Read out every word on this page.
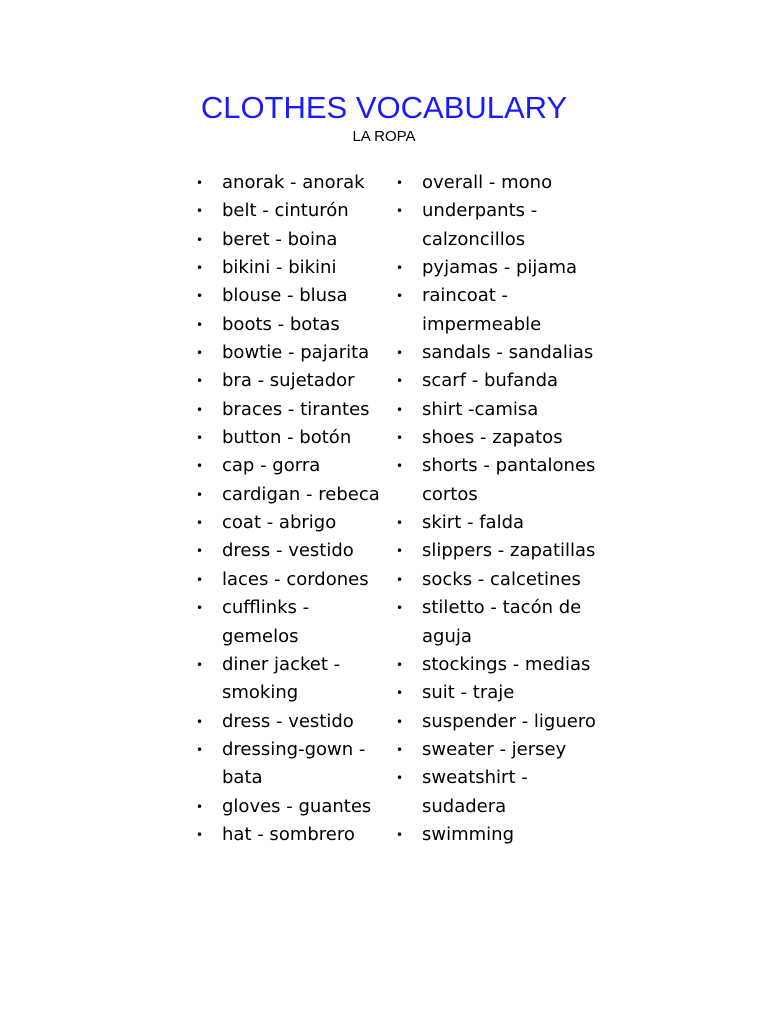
CLOTHES VOCABULARY
LA ROPA
• anorak - anorak
• belt - cinturón
• beret - boina
• bikini - bikini
• blouse - blusa
• boots - botas
• bowtie - pajarita
• bra - sujetador
• braces - tirantes
• button - botón
• cap - gorra
• cardigan - rebeca
• coat - abrigo
• dress - vestido
• laces - cordones
• cufflinks - gemelos
• diner jacket - smoking
• dress - vestido
• dressing-gown - bata
• gloves - guantes
• hat - sombrero
• overall - mono
• underpants - calzoncillos
• pyjamas - pijama
• raincoat - impermeable
• sandals - sandalias
• scarf - bufanda
• shirt -camisa
• shoes - zapatos
• shorts - pantalones cortos
• skirt - falda
• slippers - zapatillas
• socks - calcetines
• stiletto - tacón de aguja
• stockings - medias
• suit - traje
• suspender - liguero
• sweater - jersey
• sweatshirt - sudadera
• swimming
